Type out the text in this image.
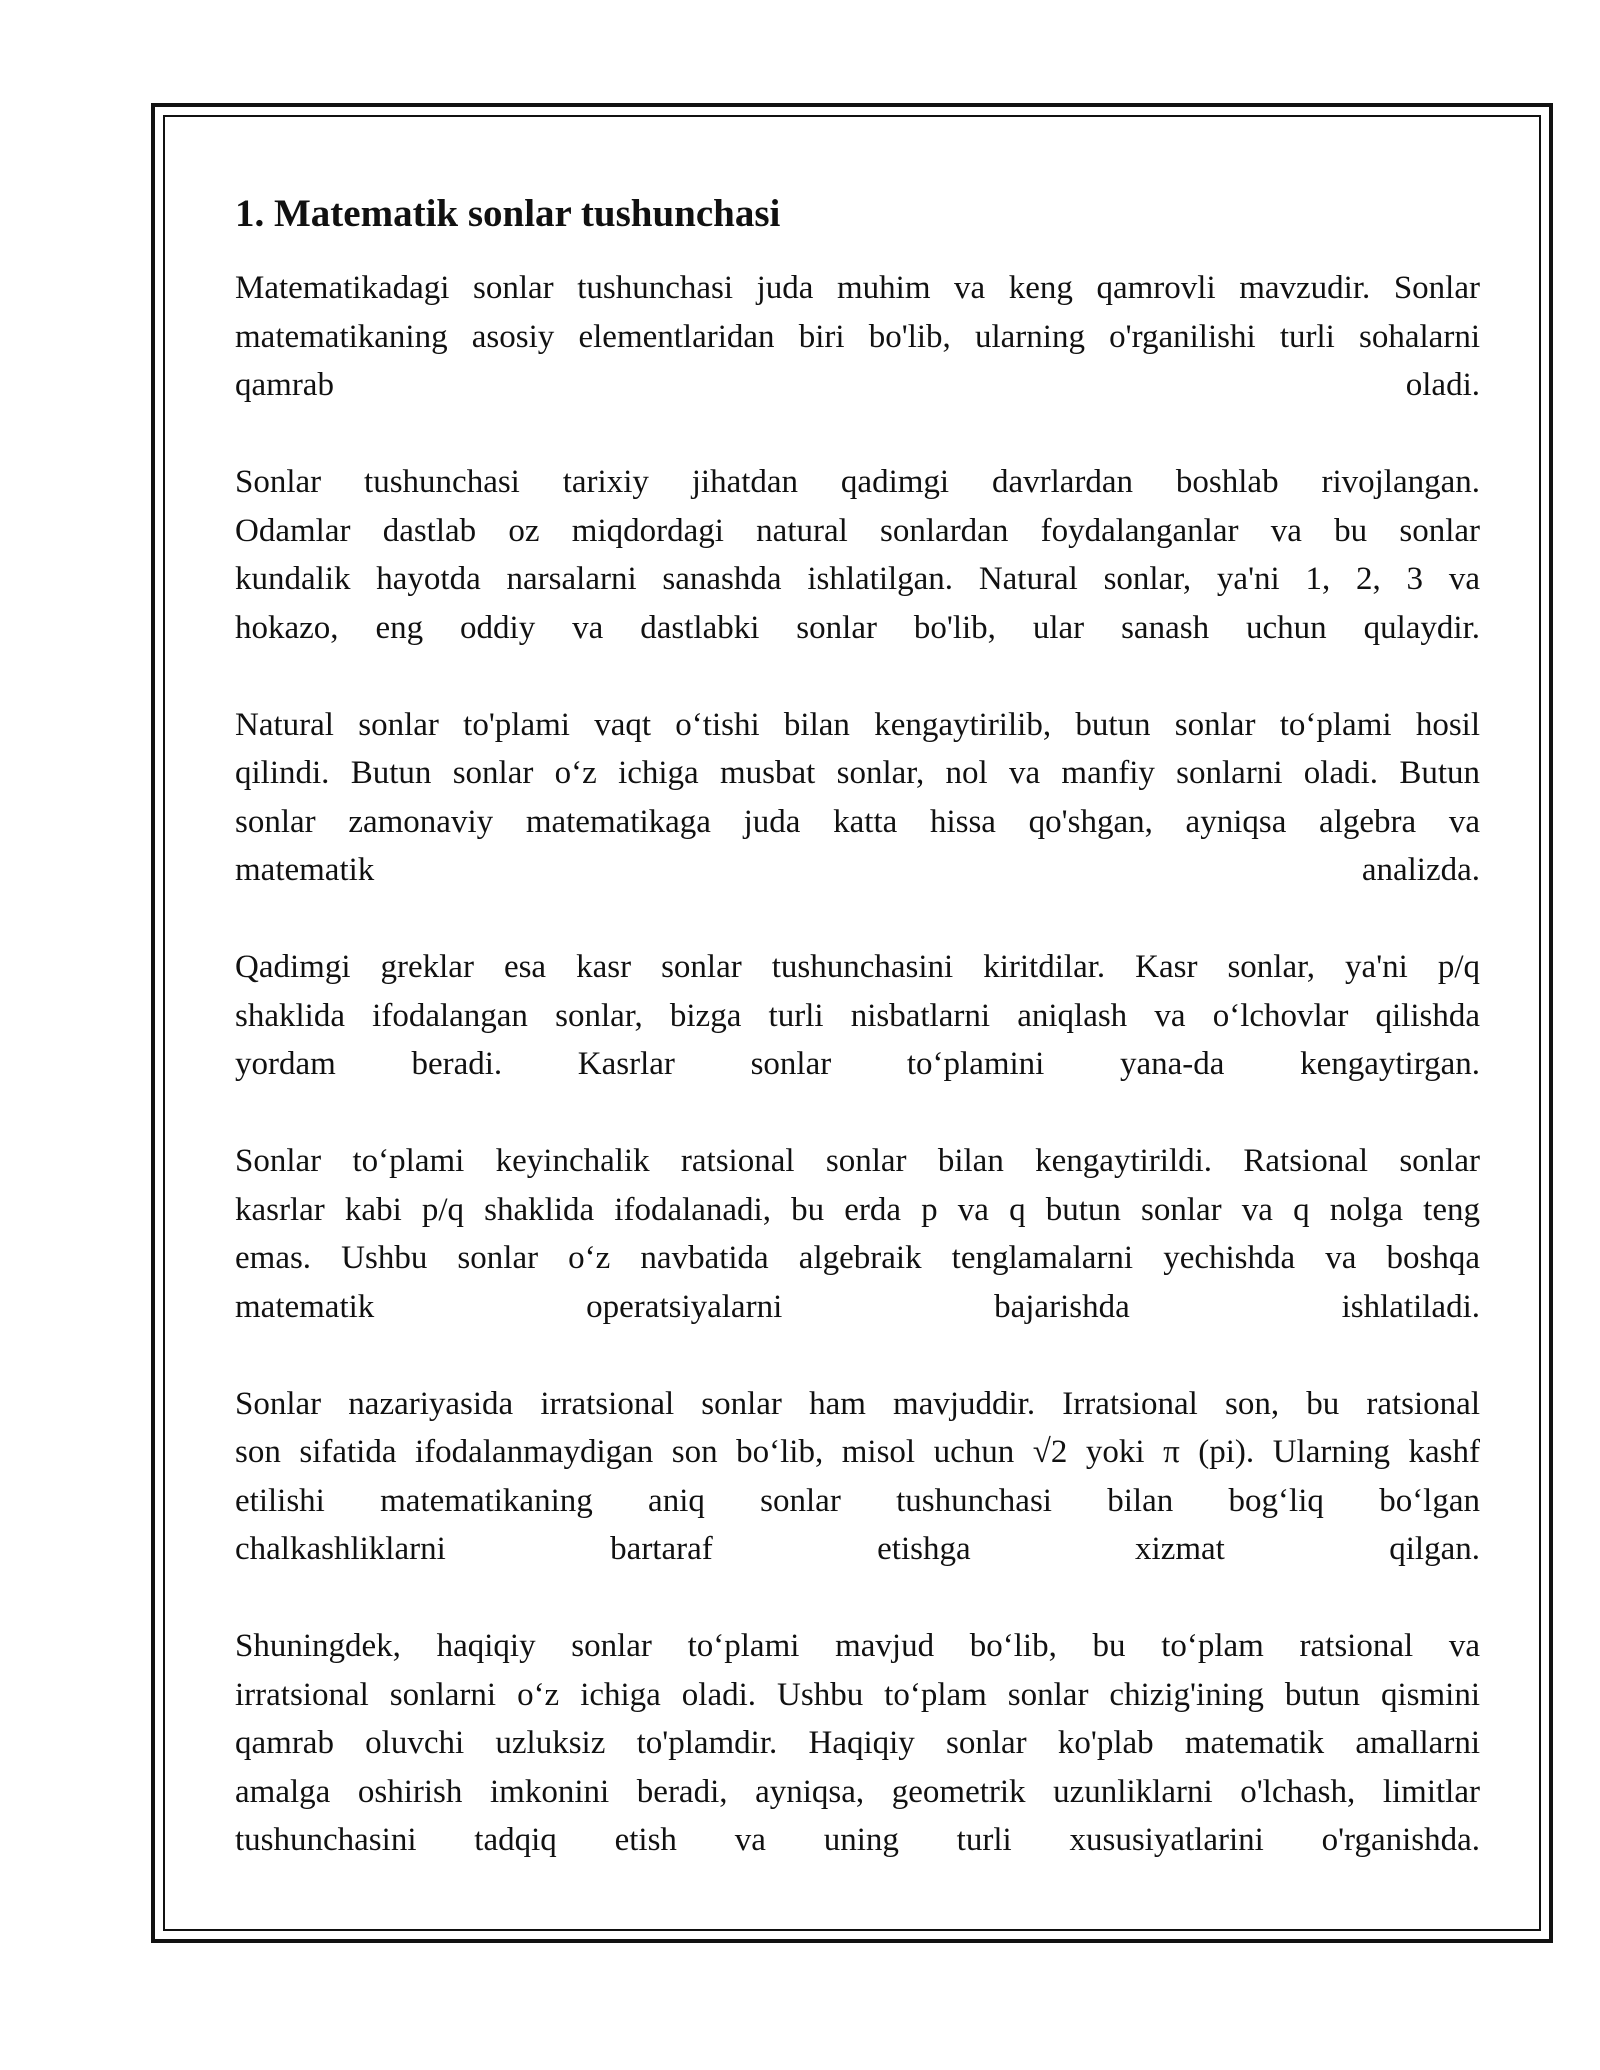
1. Matematik sonlar tushunchasi
Matematikadagi sonlar tushunchasi juda muhim va keng qamrovli mavzudir. Sonlar
matematikaning asosiy elementlaridan biri bo'lib, ularning o'rganilishi turli sohalarni
qamrab oladi.
Sonlar tushunchasi tarixiy jihatdan qadimgi davrlardan boshlab rivojlangan.
Odamlar dastlab oz miqdordagi natural sonlardan foydalanganlar va bu sonlar
kundalik hayotda narsalarni sanashda ishlatilgan. Natural sonlar, ya'ni 1, 2, 3 va
hokazo, eng oddiy va dastlabki sonlar bo'lib, ular sanash uchun qulaydir.
Natural sonlar to'plami vaqt o‘tishi bilan kengaytirilib, butun sonlar to‘plami hosil
qilindi. Butun sonlar o‘z ichiga musbat sonlar, nol va manfiy sonlarni oladi. Butun
sonlar zamonaviy matematikaga juda katta hissa qo'shgan, ayniqsa algebra va
matematik analizda.
Qadimgi greklar esa kasr sonlar tushunchasini kiritdilar. Kasr sonlar, ya'ni p/q
shaklida ifodalangan sonlar, bizga turli nisbatlarni aniqlash va o‘lchovlar qilishda
yordam beradi. Kasrlar sonlar to‘plamini yana-da kengaytirgan.
Sonlar to‘plami keyinchalik ratsional sonlar bilan kengaytirildi. Ratsional sonlar
kasrlar kabi p/q shaklida ifodalanadi, bu erda p va q butun sonlar va q nolga teng
emas. Ushbu sonlar o‘z navbatida algebraik tenglamalarni yechishda va boshqa
matematik operatsiyalarni bajarishda ishlatiladi.
Sonlar nazariyasida irratsional sonlar ham mavjuddir. Irratsional son, bu ratsional
son sifatida ifodalanmaydigan son bo‘lib, misol uchun √2 yoki π (pi). Ularning kashf
etilishi matematikaning aniq sonlar tushunchasi bilan bog‘liq bo‘lgan
chalkashliklarni bartaraf etishga xizmat qilgan.
Shuningdek, haqiqiy sonlar to‘plami mavjud bo‘lib, bu to‘plam ratsional va
irratsional sonlarni o‘z ichiga oladi. Ushbu to‘plam sonlar chizig'ining butun qismini
qamrab oluvchi uzluksiz to'plamdir. Haqiqiy sonlar ko'plab matematik amallarni
amalga oshirish imkonini beradi, ayniqsa, geometrik uzunliklarni o'lchash, limitlar
tushunchasini tadqiq etish va uning turli xususiyatlarini o'rganishda.
